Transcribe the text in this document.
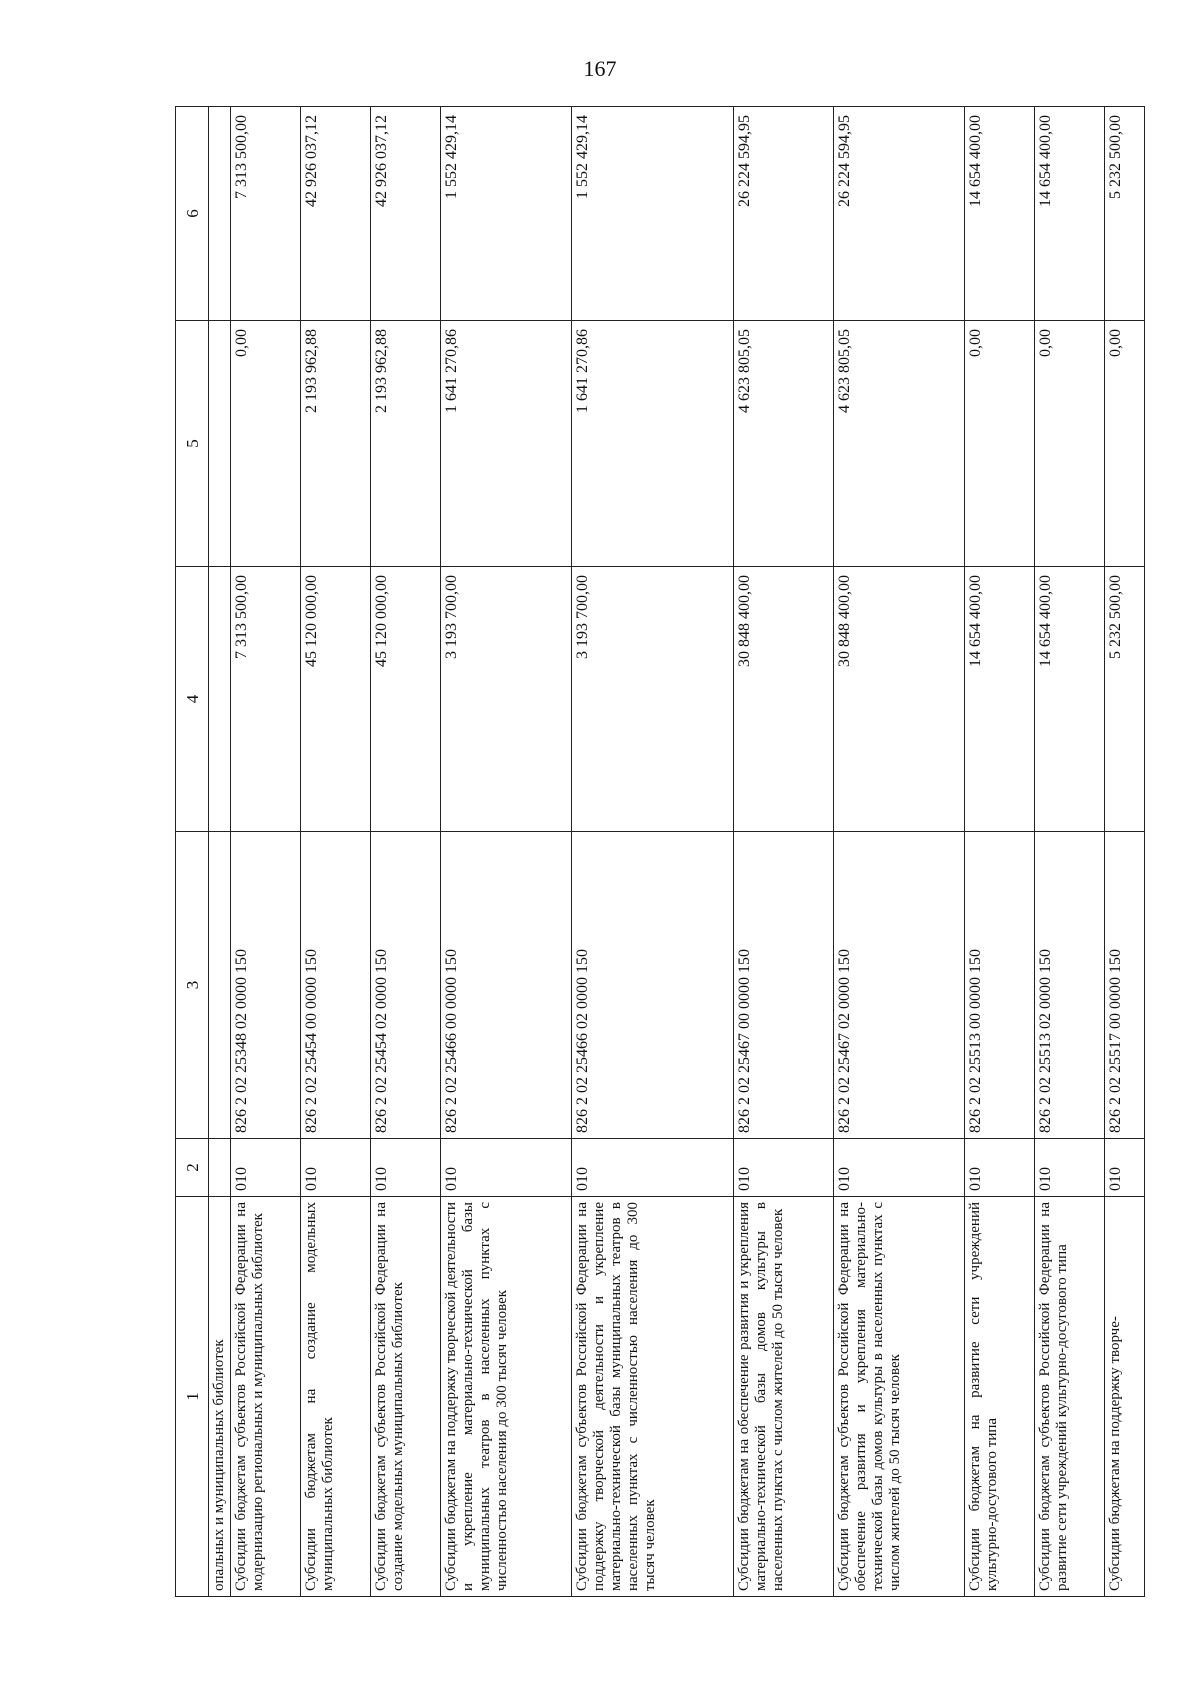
167
1	2	3	4	5	6
опальных и муниципальных библиотек					
Субсидии бюджетам субъектов Российской Федерации на модернизацию региональных и муниципальных библиотек	010	826 2 02 25348 02 0000 150	7 313 500,00	0,00	7 313 500,00
Субсидии бюджетам на создание модельных муниципальных библиотек	010	826 2 02 25454 00 0000 150	45 120 000,00	2 193 962,88	42 926 037,12
Субсидии бюджетам субъектов Российской Федерации на создание модельных муниципальных библиотек	010	826 2 02 25454 02 0000 150	45 120 000,00	2 193 962,88	42 926 037,12
Субсидии бюджетам на поддержку творческой деятельности и укрепление материально-технической базы муниципальных театров в населенных пунктах с численностью населения до 300 тысяч человек	010	826 2 02 25466 00 0000 150	3 193 700,00	1 641 270,86	1 552 429,14
Субсидии бюджетам субъектов Российской Федерации на поддержку творческой деятельности и укрепление материально-технической базы муниципальных театров в населенных пунктах с численностью населения до 300 тысяч человек	010	826 2 02 25466 02 0000 150	3 193 700,00	1 641 270,86	1 552 429,14
Субсидии бюджетам на обеспечение развития и укрепления материально-технической базы домов культуры в населенных пунктах с числом жителей до 50 тысяч человек	010	826 2 02 25467 00 0000 150	30 848 400,00	4 623 805,05	26 224 594,95
Субсидии бюджетам субъектов Российской Федерации на обеспечение развития и укрепления материально-технической базы домов культуры в населенных пунктах с числом жителей до 50 тысяч человек	010	826 2 02 25467 02 0000 150	30 848 400,00	4 623 805,05	26 224 594,95
Субсидии бюджетам на развитие сети учреждений культурно-досугового типа	010	826 2 02 25513 00 0000 150	14 654 400,00	0,00	14 654 400,00
Субсидии бюджетам субъектов Российской Федерации на развитие сети учреждений культурно-досугового типа	010	826 2 02 25513 02 0000 150	14 654 400,00	0,00	14 654 400,00
Субсидии бюджетам на поддержку творче-	010	826 2 02 25517 00 0000 150	5 232 500,00	0,00	5 232 500,00
